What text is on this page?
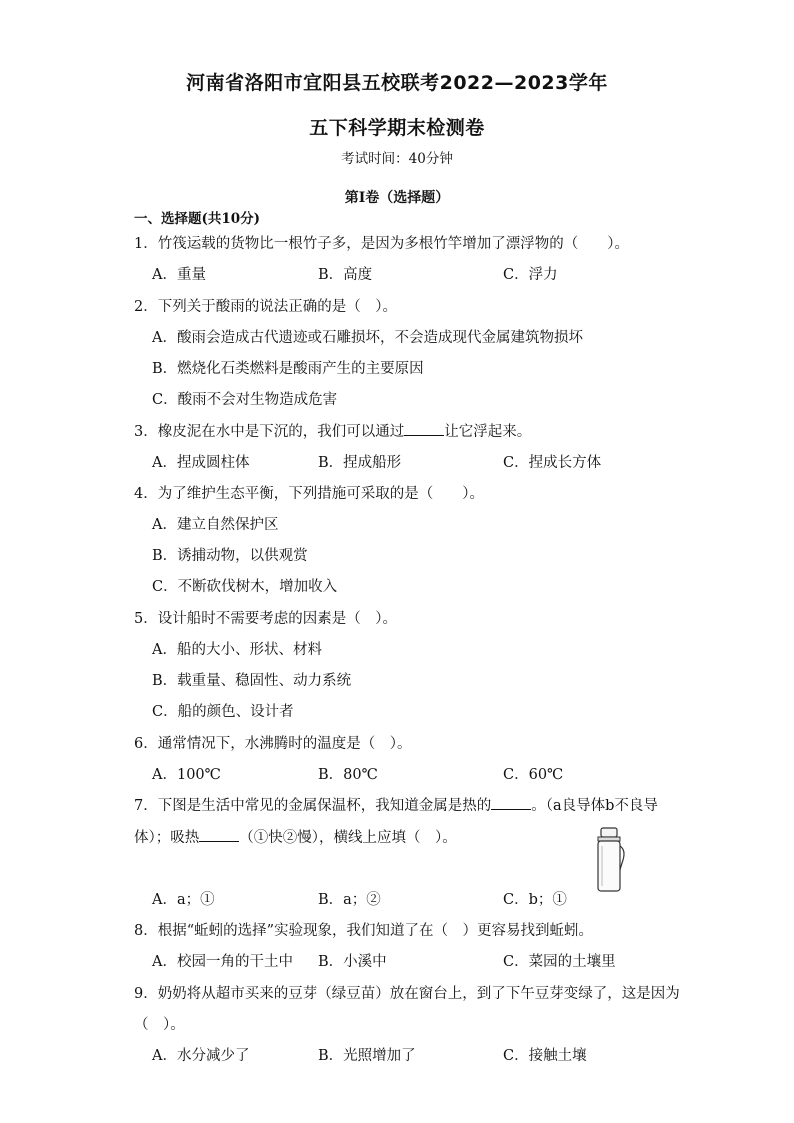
河南省洛阳市宜阳县五校联考2022—2023学年
五下科学期末检测卷
考试时间：40分钟
第Ⅰ卷（选择题）
一、选择题(共10分)
1．竹筏运载的货物比一根竹子多，是因为多根竹竿增加了漂浮物的（　　）。
A．重量	B．高度	C．浮力
2．下列关于酸雨的说法正确的是（　）。
A．酸雨会造成古代遗迹或石雕损坏，不会造成现代金属建筑物损坏
B．燃烧化石类燃料是酸雨产生的主要原因
C．酸雨不会对生物造成危害
3．橡皮泥在水中是下沉的，我们可以通过	让它浮起来。
A．捏成圆柱体	B．捏成船形	C．捏成长方体
4．为了维护生态平衡，下列措施可采取的是（　　）。
A．建立自然保护区
B．诱捕动物，以供观赏
C．不断砍伐树木，增加收入
5．设计船时不需要考虑的因素是（　）。
A．船的大小、形状、材料
B．载重量、稳固性、动力系统
C．船的颜色、设计者
6．通常情况下，水沸腾时的温度是（　）。
A．100℃	B．80℃	C．60℃
7．下图是生活中常见的金属保温杯，我知道金属是热的	。（a良导体b不良导
体）；吸热	（①快②慢），横线上应填（　）。
A．a；①	B．a；②	C．b；①
8．根据“蚯蚓的选择”实验现象，我们知道了在（　）更容易找到蚯蚓。
A．校园一角的干土中 B．小溪中	C．菜园的土壤里
9．奶奶将从超市买来的豆芽（绿豆苗）放在窗台上，到了下午豆芽变绿了，这是因为
（　）。
A．水分减少了	B．光照增加了	C．接触土壤
